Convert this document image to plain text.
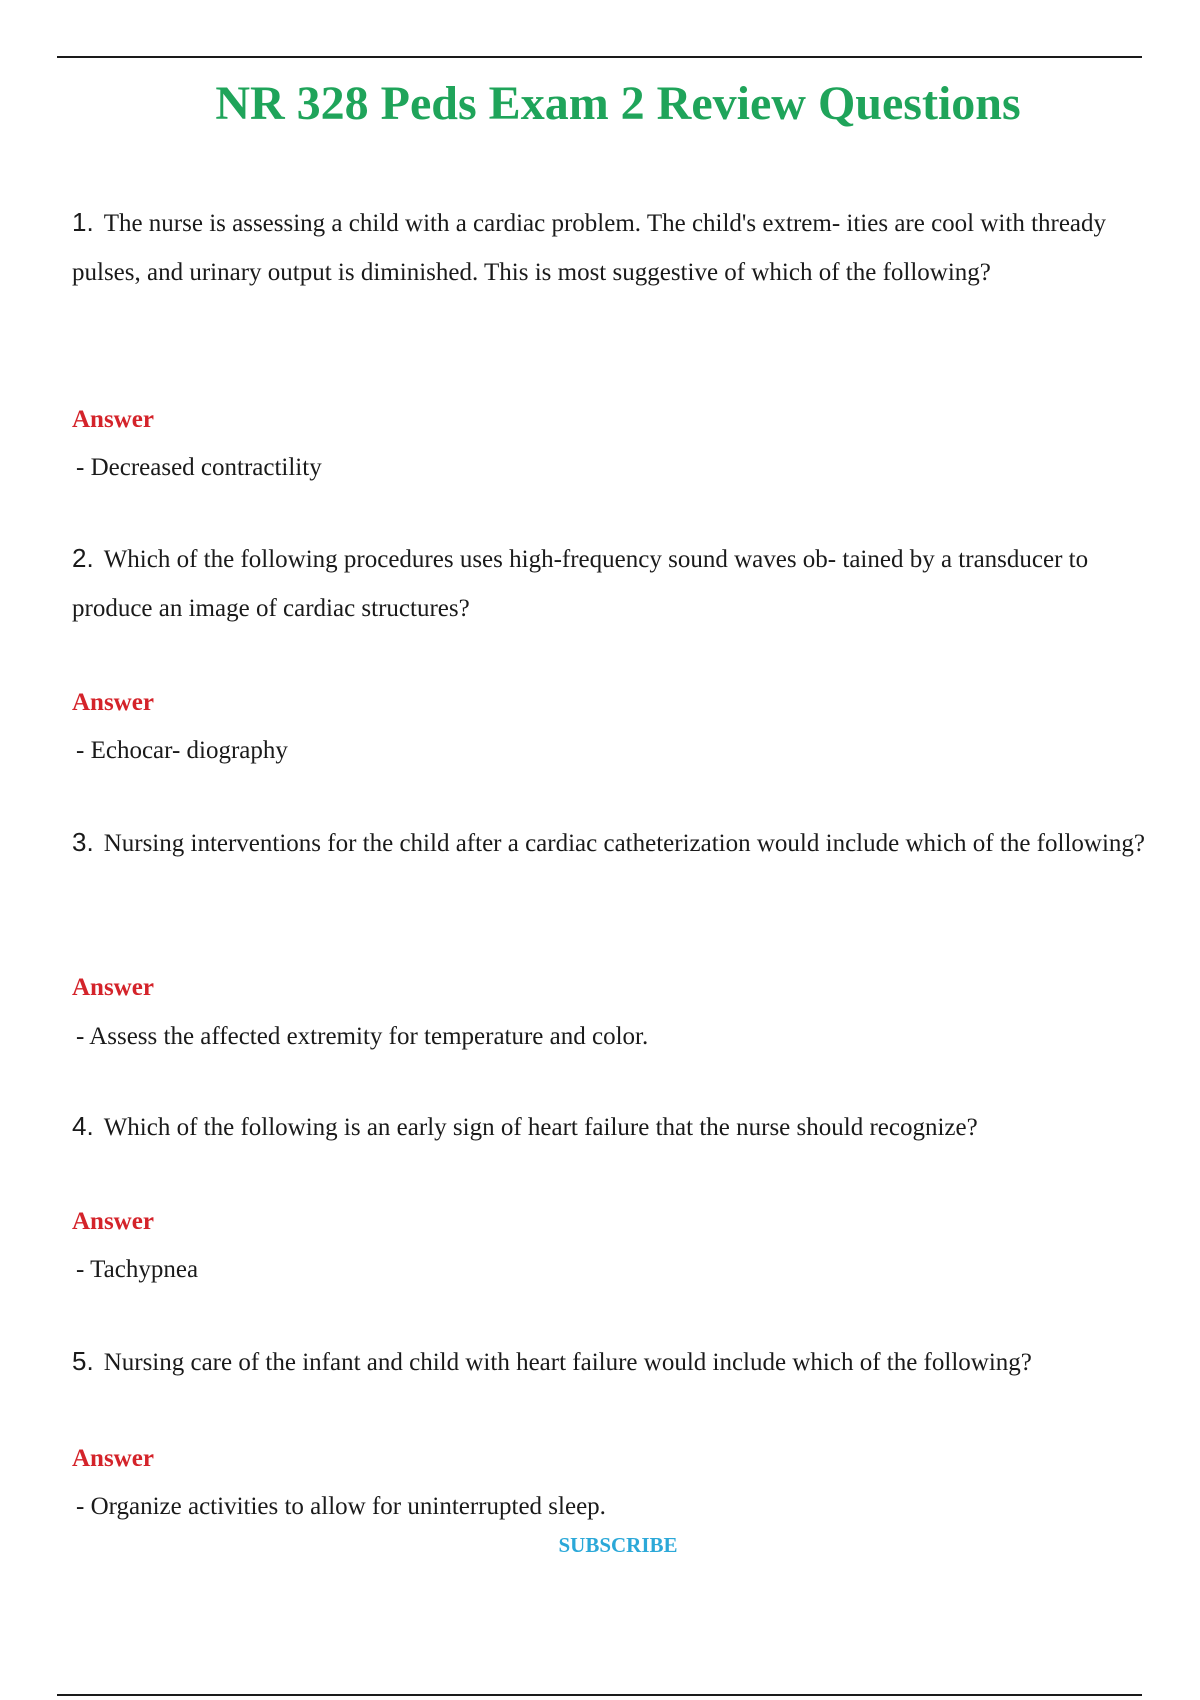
NR 328 Peds Exam 2 Review Questions

1. The nurse is assessing a child with a cardiac problem. The child's extrem- ities are cool with thready pulses, and urinary output is diminished. This is most suggestive of which of the following?

Answer

- Decreased contractility

2. Which of the following procedures uses high-frequency sound waves ob- tained by a transducer to produce an image of cardiac structures?

Answer

- Echocar- diography

3. Nursing interventions for the child after a cardiac catheterization would include which of the following?

Answer

- Assess the affected extremity for temperature and color.

4. Which of the following is an early sign of heart failure that the nurse should recognize?

Answer

- Tachypnea

5. Nursing care of the infant and child with heart failure would include which of the following?

Answer

- Organize activities to allow for uninterrupted sleep.

SUBSCRIBE
